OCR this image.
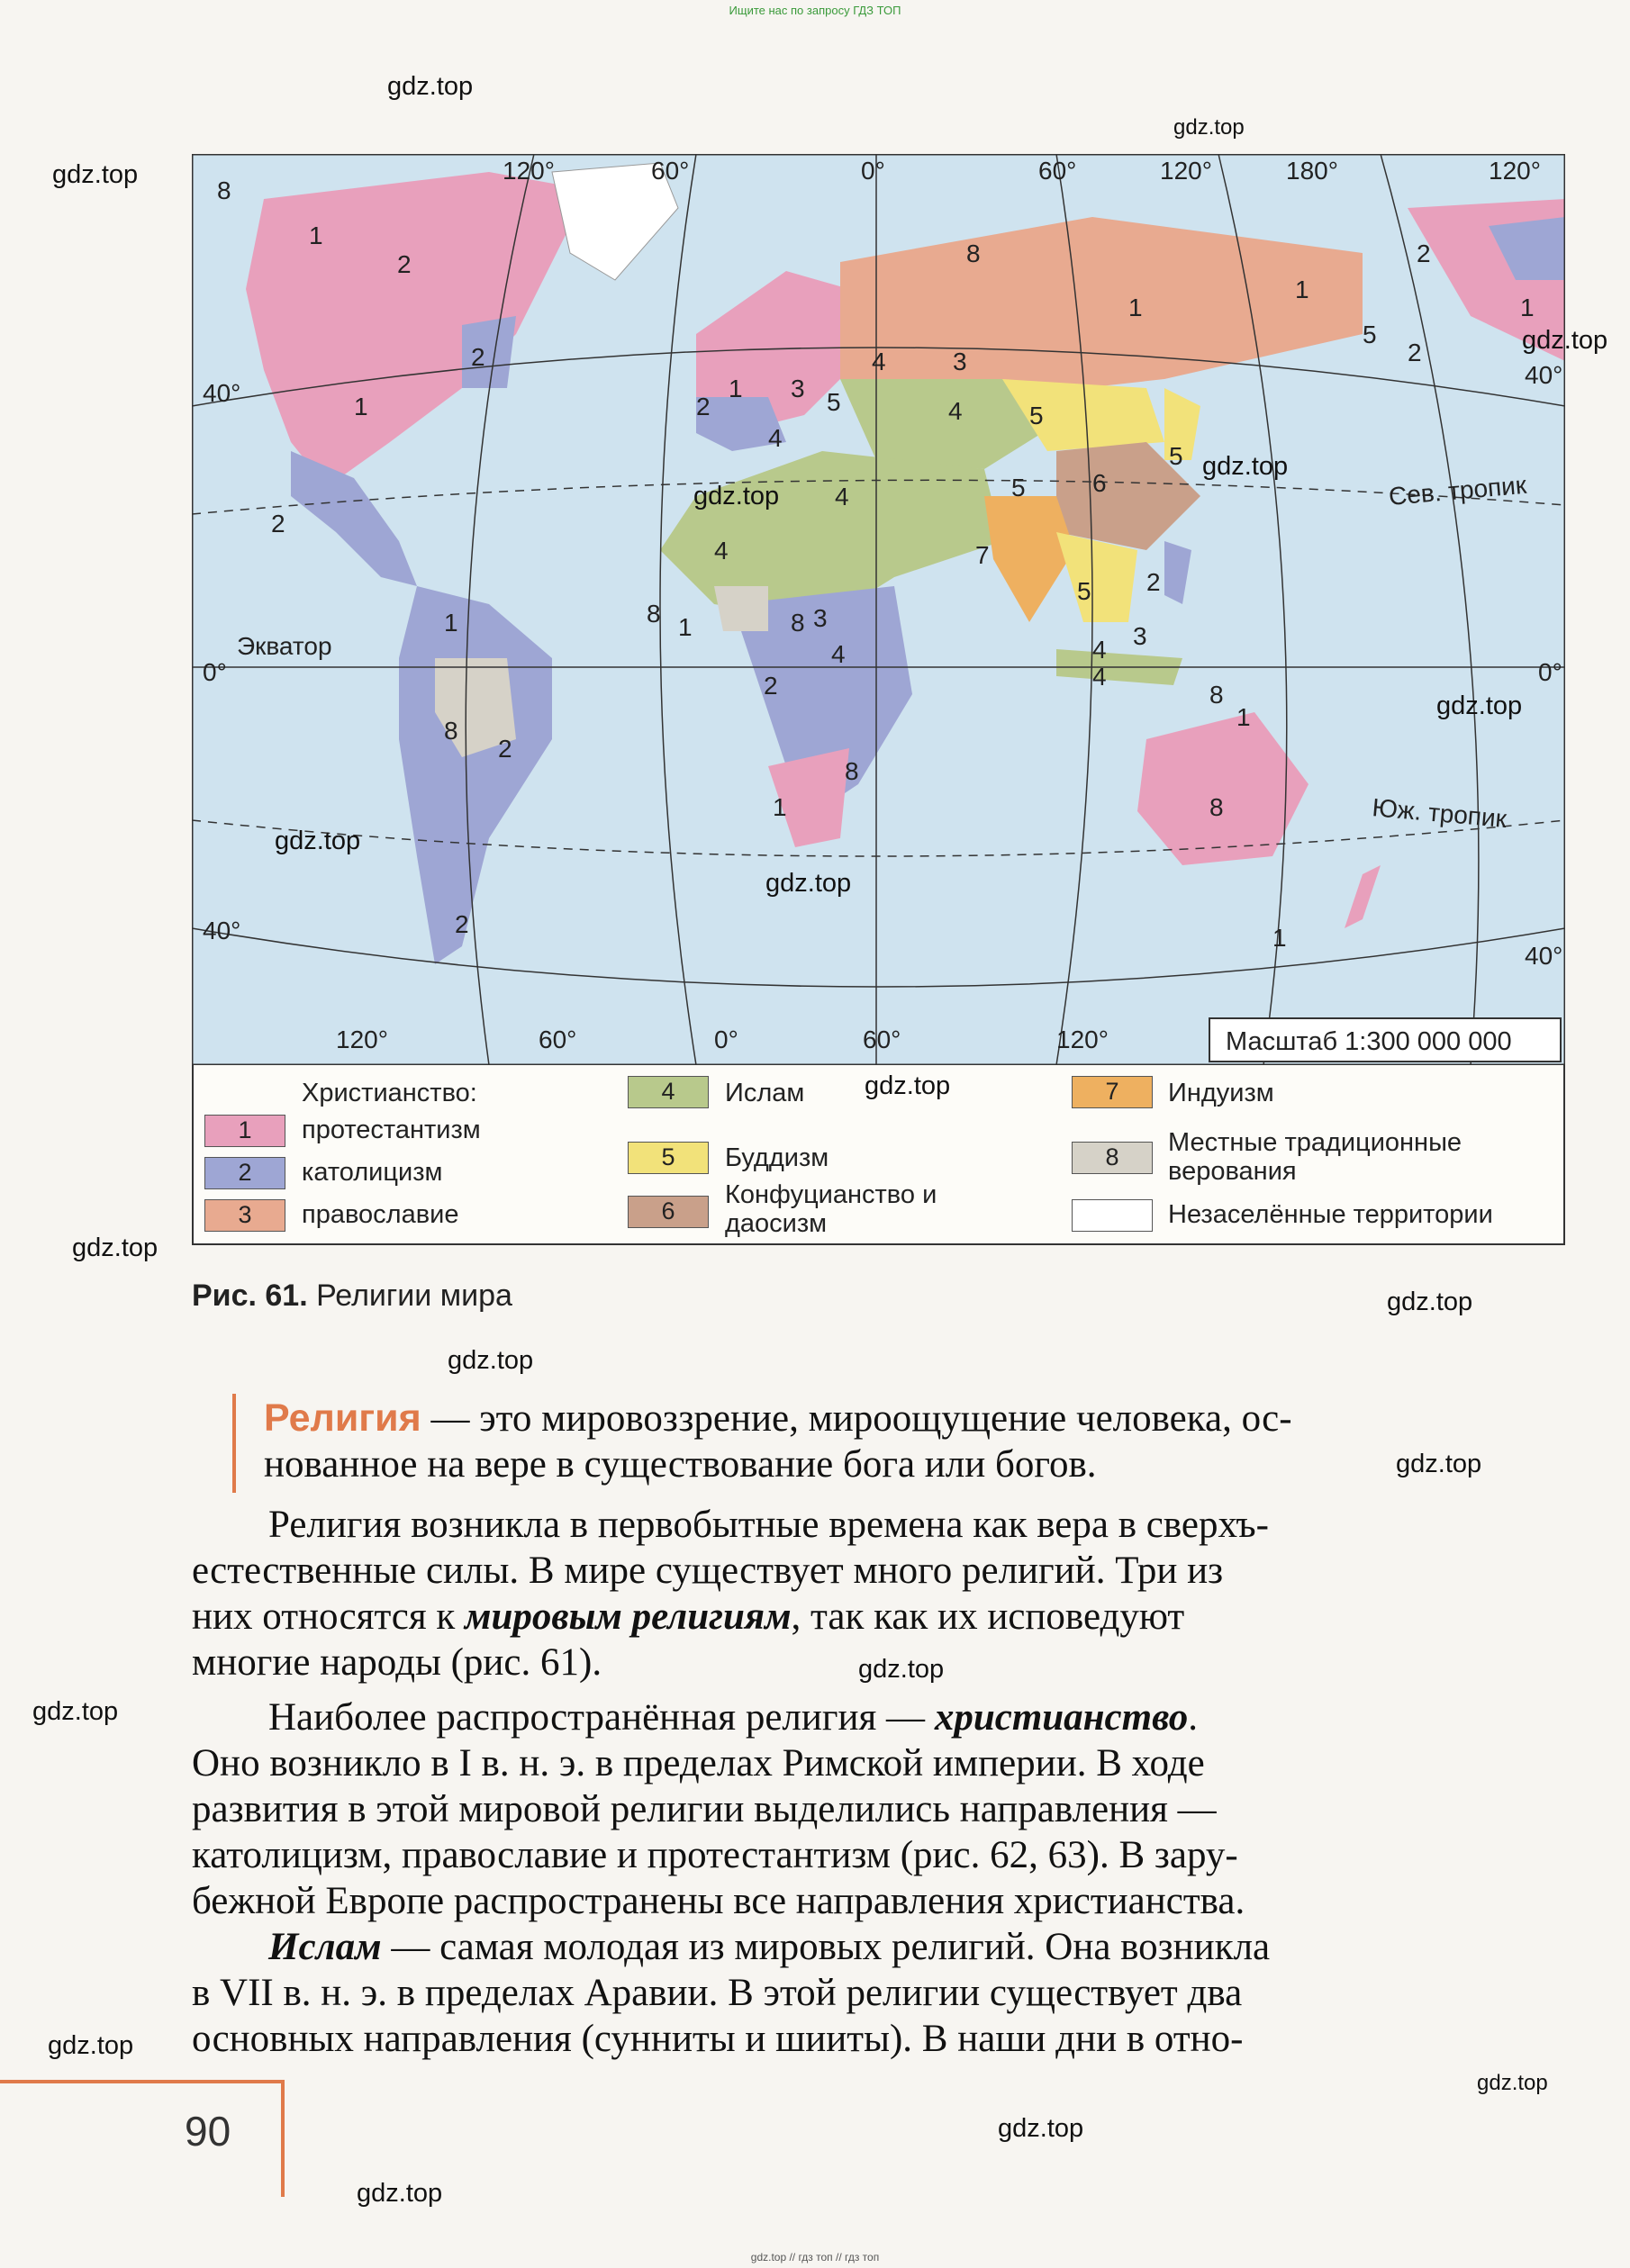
Ищите нас по запросу ГДЗ ТОП
120°	60°	0°	60°	120°	180°	120°
120°	60°	0°	60°	120°
40°
0°
40°
40°
0°
40°
Экватор
Сев. тропик
Юж. тропик
8
1
2
2
1
2
1
2
8
2
2
1
8
1
2
3 5
4
4
3
4	5
4	5	6
5
7
5 2
8	3
4
8
1
8
3
4
2	8
1
1	8
4
1
1
2
1
5
4
Масштаб 1:300 000 000
Христианство:
1	протестантизм
2	католицизм
3	православие
4	Ислам
5	Буддизм
6
Конфуцианство и даосизм
7	Индуизм
8	Местные традиционные верования
Незаселённые территории
Рис. 61. Религии мира
Религия — это мировоззрение, мироощущение человека, ос-
нованное на вере в существование бога или богов.
Религия возникла в первобытные времена как вера в сверхъ-
естественные силы. В мире существует много религий. Три из
них относятся к мировым религиям, так как их исповедуют
многие народы (рис. 61).
Наиболее распространённая религия — христианство.
Оно возникло в I в. н. э. в пределах Римской империи. В ходе
развития в этой мировой религии выделились направления —
католицизм, православие и протестантизм (рис. 62, 63). В зару-
бежной Европе распространены все направления христианства.
Ислам — самая молодая из мировых религий. Она возникла
в VII в. н. э. в пределах Аравии. В этой религии существует два
основных направления (сунниты и шииты). В наши дни в отно-
90
gdz.top
gdz.top
gdz.top
gdz.top
gdz.top
gdz.top
gdz.top
gdz.top
gdz.top
gdz.top
gdz.top
gdz.top
gdz.top
gdz.top
gdz.top
gdz.top
gdz.top
gdz.top
gdz.top
gdz.top
gdz.top // гдз топ // гдз топ
